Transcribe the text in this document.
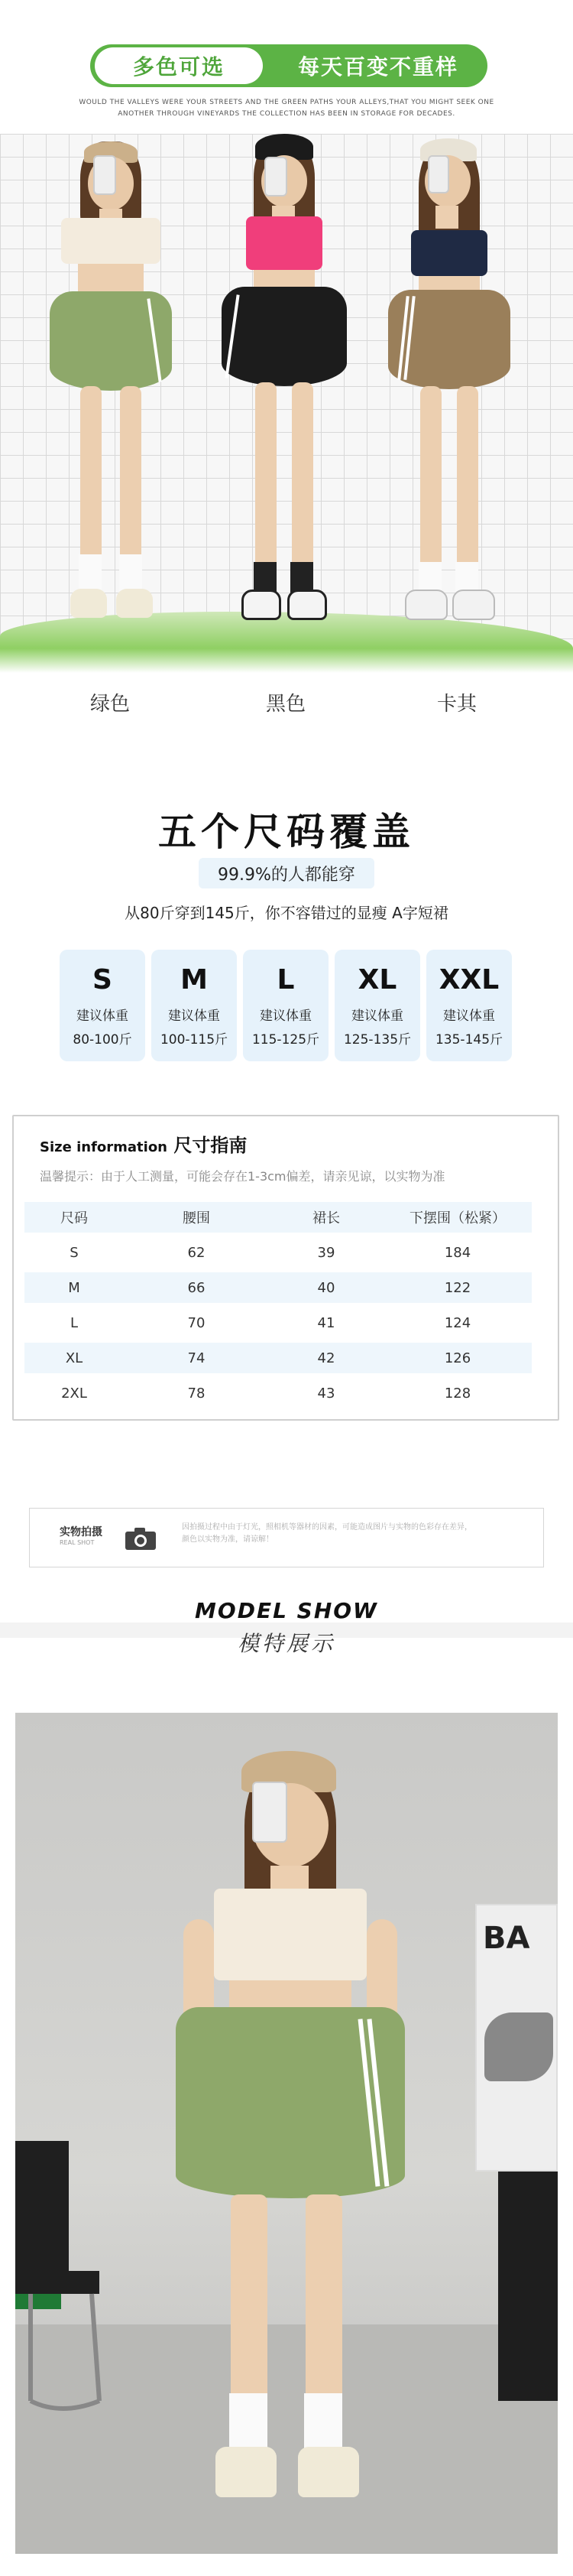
多色可选	每天百变不重样
WOULD THE VALLEYS WERE YOUR STREETS AND THE GREEN PATHS YOUR ALLEYS,THAT YOU MIGHT SEEK ONE
ANOTHER THROUGH VINEYARDS THE COLLECTION HAS BEEN IN STORAGE FOR DECADES.
绿色	黑色	卡其
五个尺码覆盖
99.9%的人都能穿
从80斤穿到145斤，你不容错过的显瘦 A字短裙
S
建议体重
80-100斤
M
建议体重
100-115斤
L
建议体重
115-125斤
XL
建议体重
125-135斤
XXL
建议体重
135-145斤
Size information 尺寸指南
温馨提示：由于人工测量，可能会存在1-3cm偏差，请亲见谅，以实物为准
尺码	腰围	裙长	下摆围（松紧）
S	62	39	184
M	66	40	122
L	70	41	124
XL	74	42	126
2XL	78	43	128
实物拍摄
REAL SHOT
因拍摄过程中由于灯光，照相机等器材的因素，可能造成图片与实物的色彩存在差异，
颜色以实物为准，请谅解！
MODEL SHOW
模特展示
BA
